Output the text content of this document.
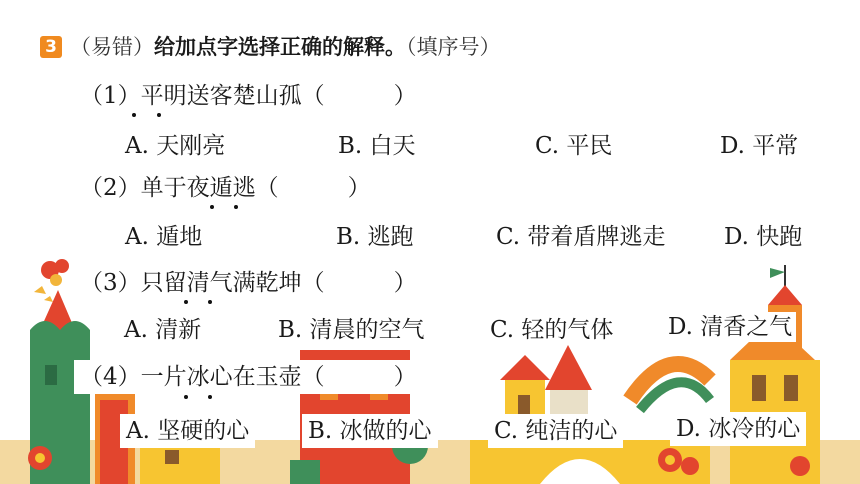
3 （易错）给加点字选择正确的解释。（填序号）
（1）平明送客楚山孤（　　　）
A. 天刚亮	B. 白天	C. 平民	D. 平常
（2）单于夜遁逃（　　　）
A. 遁地	B. 逃跑	C. 带着盾牌逃走	D. 快跑
（3）只留清气满乾坤（　　　）
A. 清新	B. 清晨的空气	C. 轻的气体 D. 清香之气
（4）一片冰心在玉壶（　　　）
A. 坚硬的心	B. 冰做的心	C. 纯洁的心	D. 冰冷的心
